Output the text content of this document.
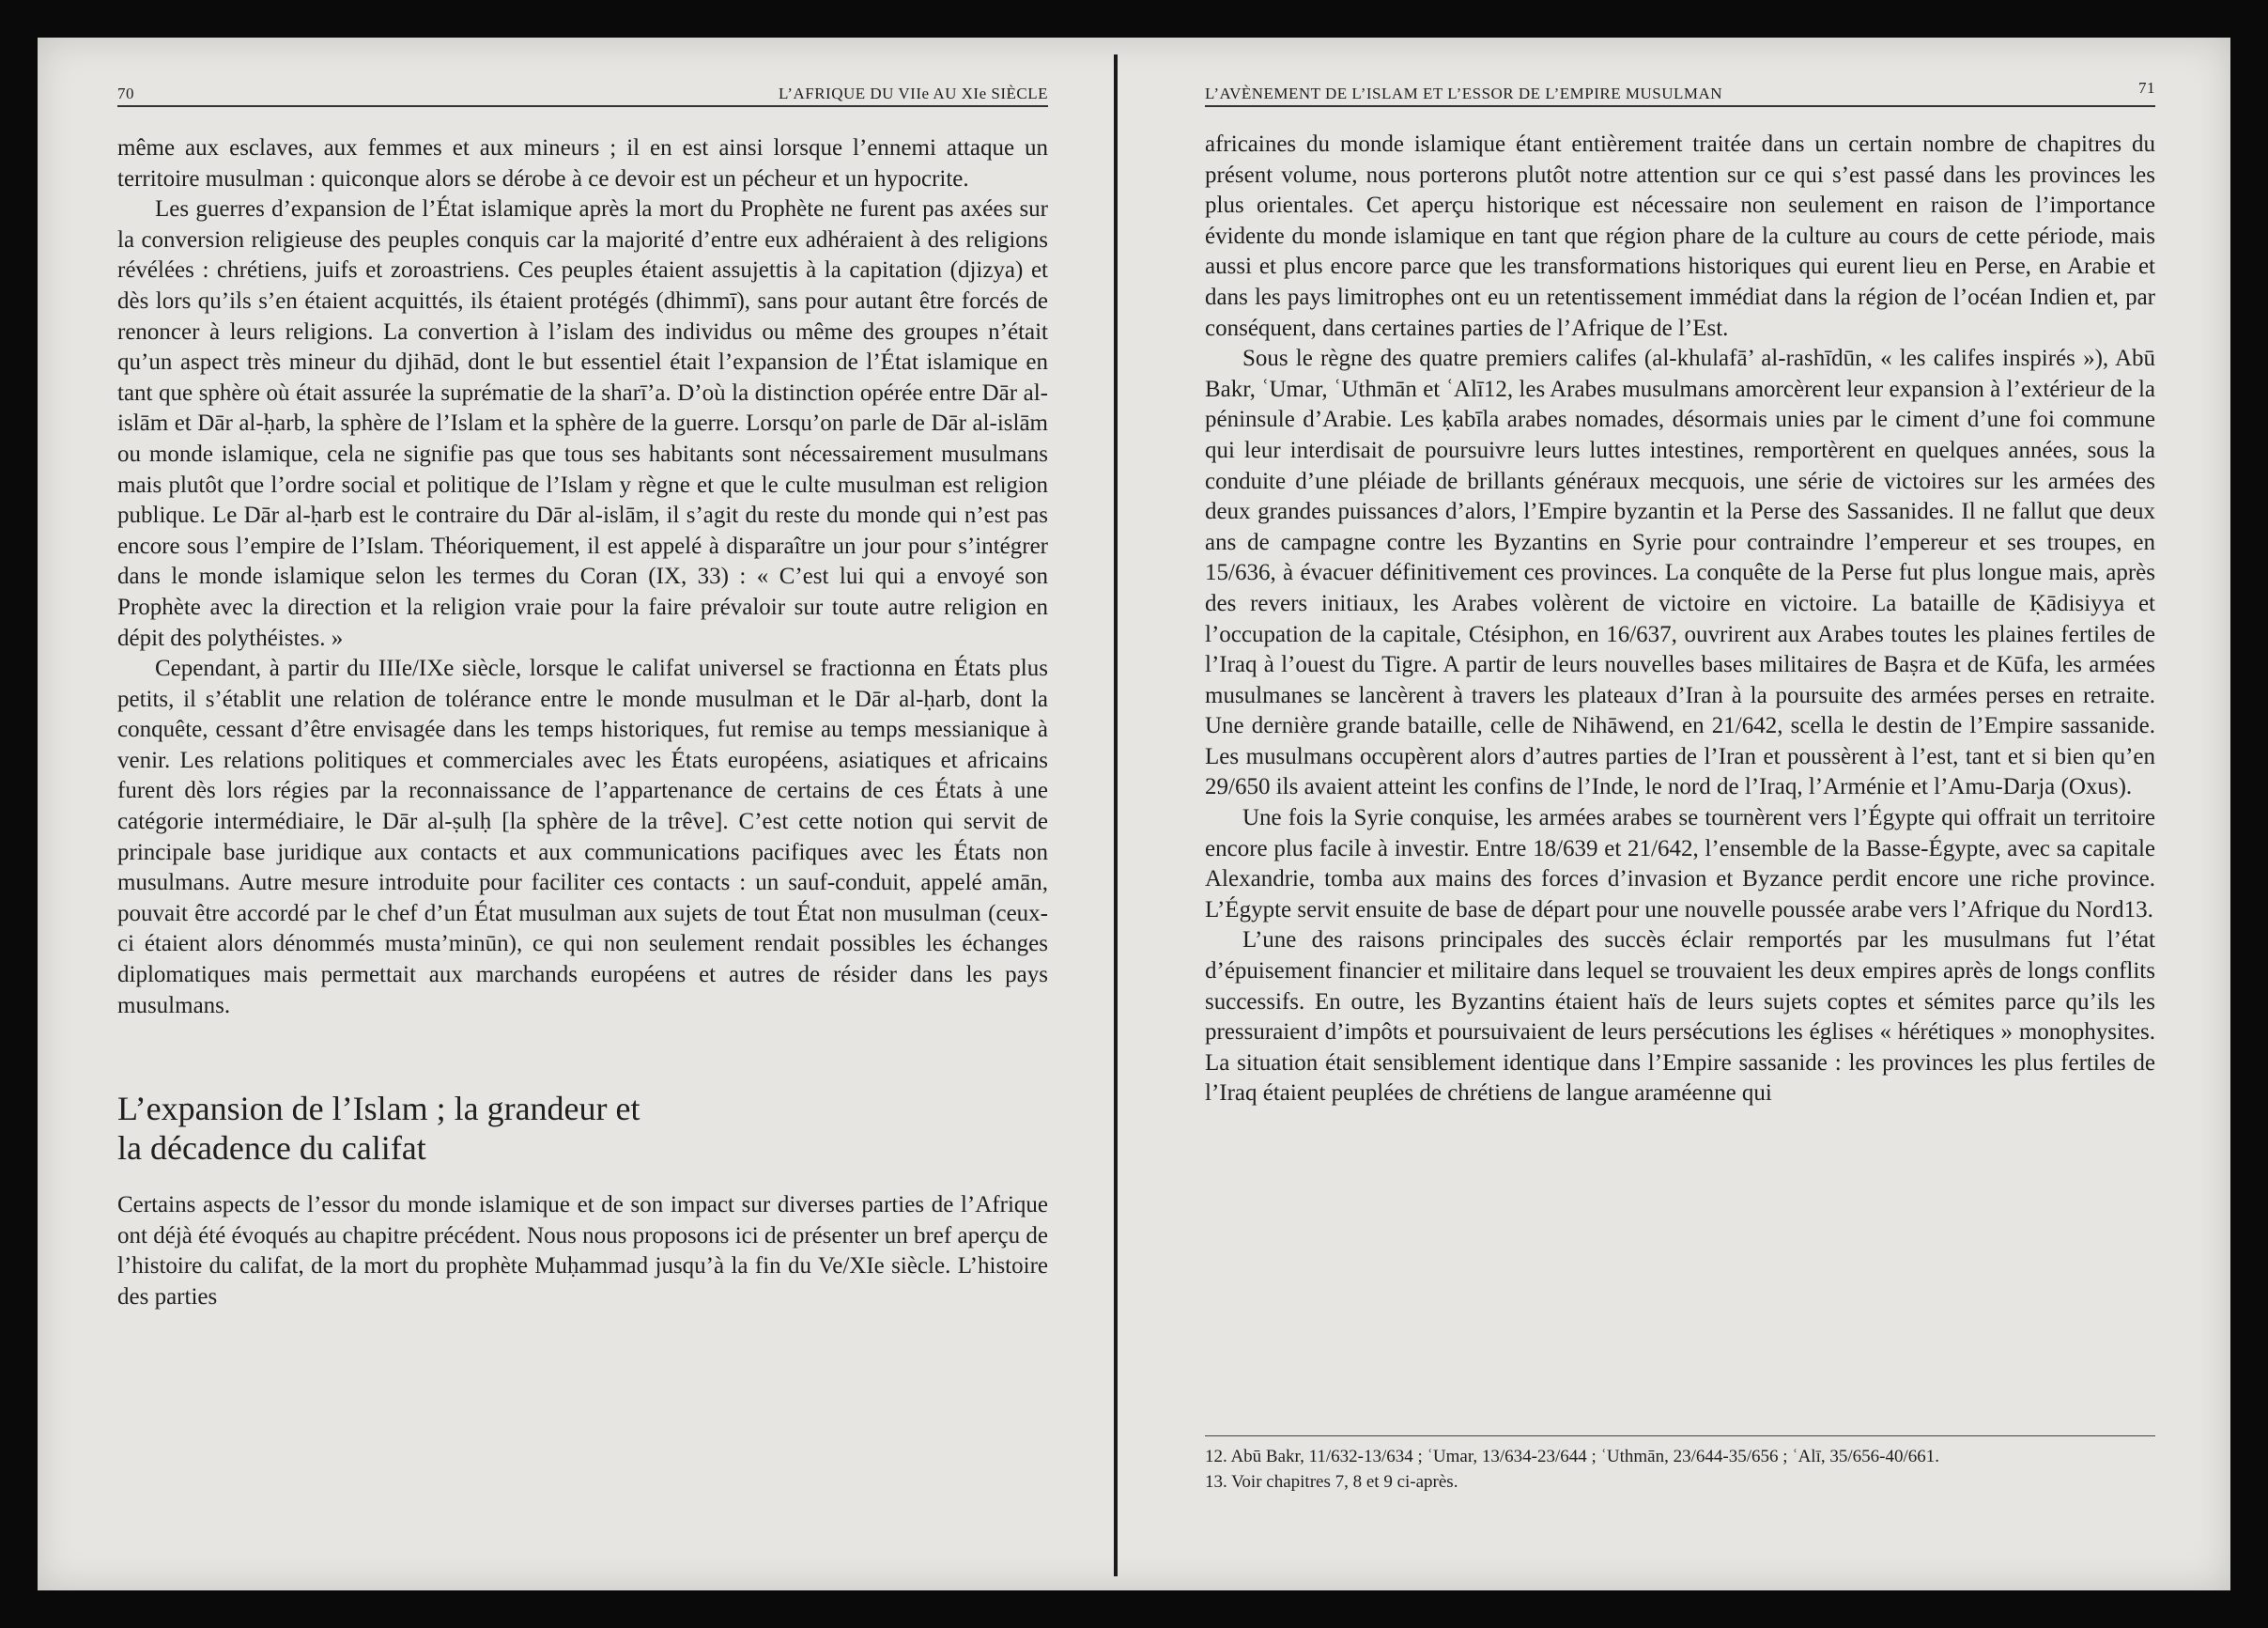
70	L’AFRIQUE DU VIIe AU XIe SIÈCLE

même aux esclaves, aux femmes et aux mineurs ; il en est ainsi lorsque l’ennemi attaque un territoire musulman : quiconque alors se dérobe à ce devoir est un pécheur et un hypocrite.

Les guerres d’expansion de l’État islamique après la mort du Prophète ne furent pas axées sur la conversion religieuse des peuples conquis car la majorité d’entre eux adhéraient à des religions révélées : chrétiens, juifs et zoroastriens. Ces peuples étaient assujettis à la capitation (djizya) et dès lors qu’ils s’en étaient acquittés, ils étaient protégés (dhimmī), sans pour autant être forcés de renoncer à leurs religions. La convertion à l’islam des individus ou même des groupes n’était qu’un aspect très mineur du djihād, dont le but essentiel était l’expansion de l’État islamique en tant que sphère où était assurée la suprématie de la sharī’a. D’où la distinction opérée entre Dār al-islām et Dār al-ḥarb, la sphère de l’Islam et la sphère de la guerre. Lorsqu’on parle de Dār al-islām ou monde islamique, cela ne signifie pas que tous ses habitants sont nécessairement musulmans mais plutôt que l’ordre social et politique de l’Islam y règne et que le culte musulman est religion publique. Le Dār al-ḥarb est le contraire du Dār al-islām, il s’agit du reste du monde qui n’est pas encore sous l’empire de l’Islam. Théoriquement, il est appelé à disparaître un jour pour s’intégrer dans le monde islamique selon les termes du Coran (IX, 33) : « C’est lui qui a envoyé son Prophète avec la direction et la religion vraie pour la faire prévaloir sur toute autre religion en dépit des polythéistes. »

Cependant, à partir du IIIe/IXe siècle, lorsque le califat universel se fractionna en États plus petits, il s’établit une relation de tolérance entre le monde musulman et le Dār al-ḥarb, dont la conquête, cessant d’être envisagée dans les temps historiques, fut remise au temps messianique à venir. Les relations politiques et commerciales avec les États européens, asiatiques et africains furent dès lors régies par la reconnaissance de l’appartenance de certains de ces États à une catégorie intermédiaire, le Dār al-ṣulḥ [la sphère de la trêve]. C’est cette notion qui servit de principale base juridique aux contacts et aux communications pacifiques avec les États non musulmans. Autre mesure introduite pour faciliter ces contacts : un sauf-conduit, appelé amān, pouvait être accordé par le chef d’un État musulman aux sujets de tout État non musulman (ceux-ci étaient alors dénommés musta’minūn), ce qui non seulement rendait possibles les échanges diplomatiques mais permettait aux marchands européens et autres de résider dans les pays musulmans.

L’expansion de l’Islam ; la grandeur et
la décadence du califat

Certains aspects de l’essor du monde islamique et de son impact sur diverses parties de l’Afrique ont déjà été évoqués au chapitre précédent. Nous nous proposons ici de présenter un bref aperçu de l’histoire du califat, de la mort du prophète Muḥammad jusqu’à la fin du Ve/XIe siècle. L’histoire des parties

L’AVÈNEMENT DE L’ISLAM ET L’ESSOR DE L’EMPIRE MUSULMAN	71

africaines du monde islamique étant entièrement traitée dans un certain nombre de chapitres du présent volume, nous porterons plutôt notre attention sur ce qui s’est passé dans les provinces les plus orientales. Cet aperçu historique est nécessaire non seulement en raison de l’importance évidente du monde islamique en tant que région phare de la culture au cours de cette période, mais aussi et plus encore parce que les transformations historiques qui eurent lieu en Perse, en Arabie et dans les pays limitrophes ont eu un retentissement immédiat dans la région de l’océan Indien et, par conséquent, dans certaines parties de l’Afrique de l’Est.

Sous le règne des quatre premiers califes (al-khulafā’ al-rashīdūn, « les califes inspirés »), Abū Bakr, ʿUmar, ʿUthmān et ʿAlī12, les Arabes musulmans amorcèrent leur expansion à l’extérieur de la péninsule d’Arabie. Les ḳabīla arabes nomades, désormais unies par le ciment d’une foi commune qui leur interdisait de poursuivre leurs luttes intestines, remportèrent en quelques années, sous la conduite d’une pléiade de brillants généraux mecquois, une série de victoires sur les armées des deux grandes puissances d’alors, l’Empire byzantin et la Perse des Sassanides. Il ne fallut que deux ans de campagne contre les Byzantins en Syrie pour contraindre l’empereur et ses troupes, en 15/636, à évacuer définitivement ces provinces. La conquête de la Perse fut plus longue mais, après des revers initiaux, les Arabes volèrent de victoire en victoire. La bataille de Ḳādisiyya et l’occupation de la capitale, Ctésiphon, en 16/637, ouvrirent aux Arabes toutes les plaines fertiles de l’Iraq à l’ouest du Tigre. A partir de leurs nouvelles bases militaires de Baṣra et de Kūfa, les armées musulmanes se lancèrent à travers les plateaux d’Iran à la poursuite des armées perses en retraite. Une dernière grande bataille, celle de Nihāwend, en 21/642, scella le destin de l’Empire sassanide. Les musulmans occupèrent alors d’autres parties de l’Iran et poussèrent à l’est, tant et si bien qu’en 29/650 ils avaient atteint les confins de l’Inde, le nord de l’Iraq, l’Arménie et l’Amu-Darja (Oxus).

Une fois la Syrie conquise, les armées arabes se tournèrent vers l’Égypte qui offrait un territoire encore plus facile à investir. Entre 18/639 et 21/642, l’ensemble de la Basse-Égypte, avec sa capitale Alexandrie, tomba aux mains des forces d’invasion et Byzance perdit encore une riche province. L’Égypte servit ensuite de base de départ pour une nouvelle poussée arabe vers l’Afrique du Nord13.

L’une des raisons principales des succès éclair remportés par les musulmans fut l’état d’épuisement financier et militaire dans lequel se trouvaient les deux empires après de longs conflits successifs. En outre, les Byzantins étaient haïs de leurs sujets coptes et sémites parce qu’ils les pressuraient d’impôts et poursuivaient de leurs persécutions les églises « hérétiques » monophysites. La situation était sensiblement identique dans l’Empire sassanide : les provinces les plus fertiles de l’Iraq étaient peuplées de chrétiens de langue araméenne qui

12. Abū Bakr, 11/632-13/634 ; ʿUmar, 13/634-23/644 ; ʿUthmān, 23/644-35/656 ; ʿAlī, 35/656-40/661.

13. Voir chapitres 7, 8 et 9 ci-après.
